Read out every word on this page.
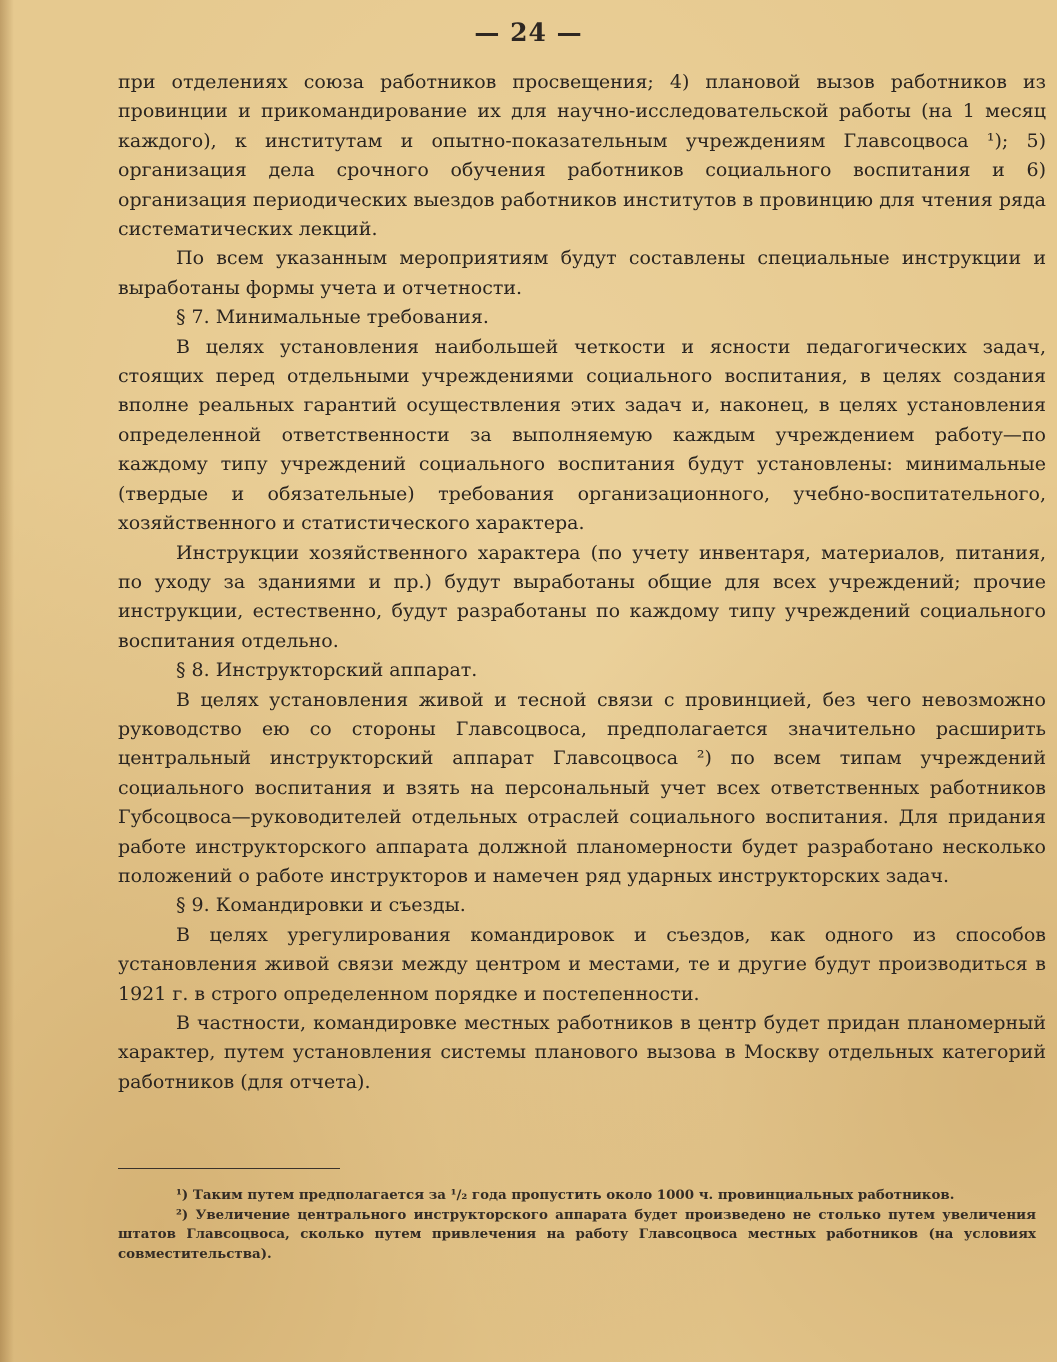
— 24 —

при отделениях союза работников просвещения; 4) плановой вызов работников из провинции и прикомандирование их для научно-исследовательской работы (на 1 месяц каждого), к институтам и опытно-показательным учреждениям Главсоцвоса ¹); 5) организация дела срочного обучения работников социального воспитания и 6) организация периодических выездов работников институтов в провинцию для чтения ряда систематических лекций.

По всем указанным мероприятиям будут составлены специальные инструкции и выработаны формы учета и отчетности.

§ 7. Минимальные требования.

В целях установления наибольшей четкости и ясности педагогических задач, стоящих перед отдельными учреждениями социального воспитания, в целях создания вполне реальных гарантий осуществления этих задач и, наконец, в целях установления определенной ответственности за выполняемую каждым учреждением работу—по каждому типу учреждений социального воспитания будут установлены: минимальные (твердые и обязательные) требования организационного, учебно-воспитательного, хозяйственного и статистического характера.

Инструкции хозяйственного характера (по учету инвентаря, материалов, питания, по уходу за зданиями и пр.) будут выработаны общие для всех учреждений; прочие инструкции, естественно, будут разработаны по каждому типу учреждений социального воспитания отдельно.

§ 8. Инструкторский аппарат.

В целях установления живой и тесной связи с провинцией, без чего невозможно руководство ею со стороны Главсоцвоса, предполагается значительно расширить центральный инструкторский аппарат Главсоцвоса ²) по всем типам учреждений социального воспитания и взять на персональный учет всех ответственных работников Губсоцвоса—руководителей отдельных отраслей социального воспитания. Для придания работе инструкторского аппарата должной планомерности будет разработано несколько положений о работе инструкторов и намечен ряд ударных инструкторских задач.

§ 9. Командировки и съезды.

В целях урегулирования командировок и съездов, как одного из способов установления живой связи между центром и местами, те и другие будут производиться в 1921 г. в строго определенном порядке и постепенности.

В частности, командировке местных работников в центр будет придан планомерный характер, путем установления системы планового вызова в Москву отдельных категорий работников (для отчета).

¹) Таким путем предполагается за ¹/₂ года пропустить около 1000 ч. провинциальных работников.

²) Увеличение центрального инструкторского аппарата будет произведено не столько путем увеличения штатов Главсоцвоса, сколько путем привлечения на работу Главсоцвоса местных работников (на условиях совместительства).
